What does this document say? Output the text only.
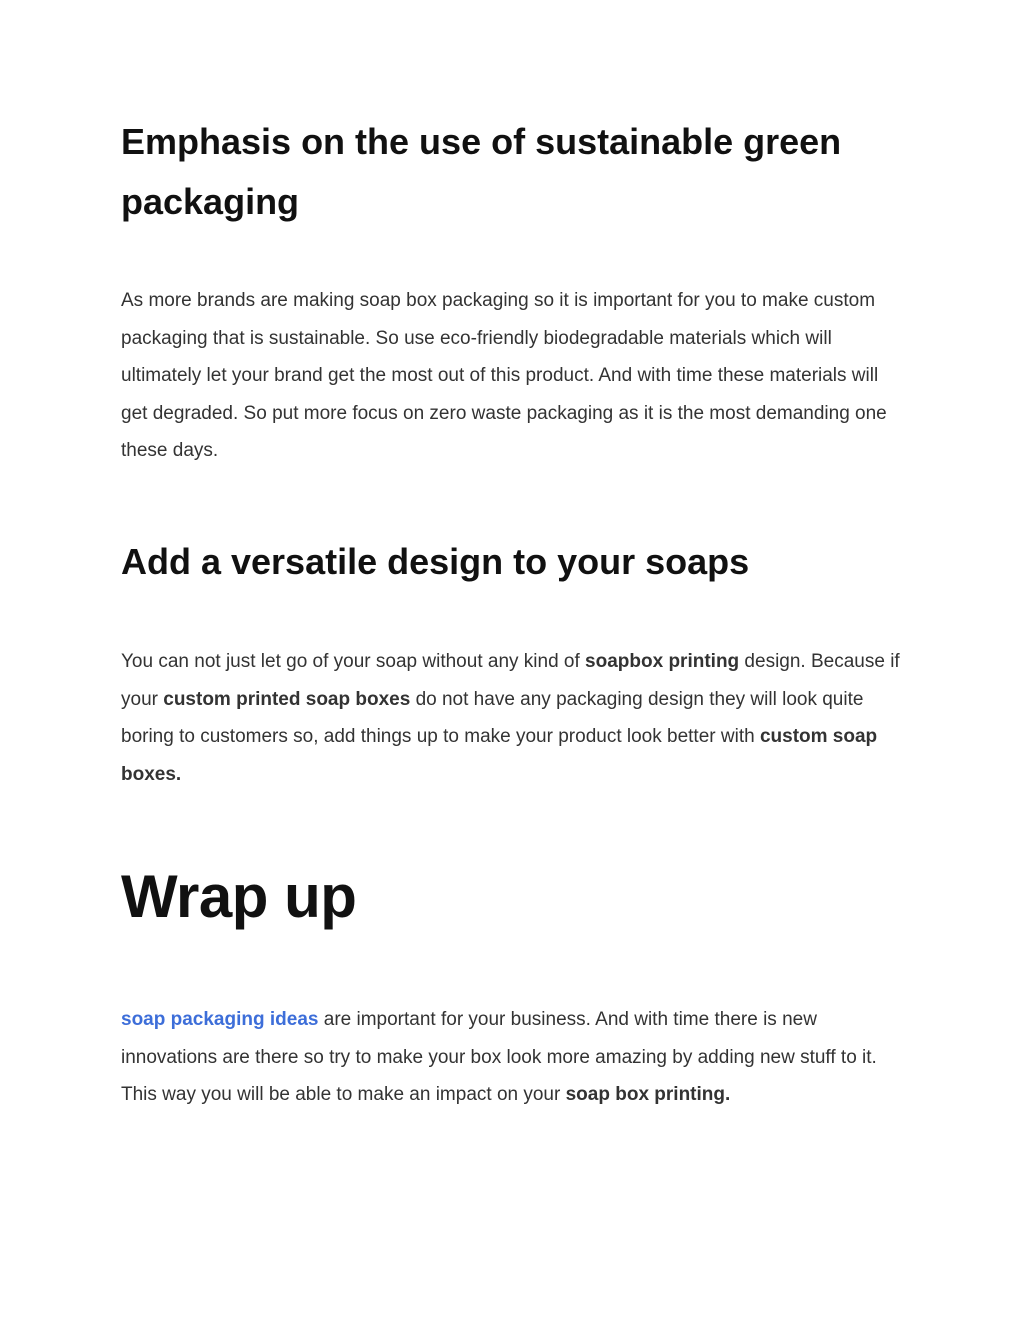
Emphasis on the use of sustainable green packaging

As more brands are making soap box packaging so it is important for you to make custom packaging that is sustainable. So use eco-friendly biodegradable materials which will ultimately let your brand get the most out of this product. And with time these materials will get degraded. So put more focus on zero waste packaging as it is the most demanding one these days.

Add a versatile design to your soaps

You can not just let go of your soap without any kind of soapbox printing design. Because if your custom printed soap boxes do not have any packaging design they will look quite boring to customers so, add things up to make your product look better with custom soap boxes.

Wrap up

soap packaging ideas are important for your business. And with time there is new innovations are there so try to make your box look more amazing by adding new stuff to it. This way you will be able to make an impact on your soap box printing.
